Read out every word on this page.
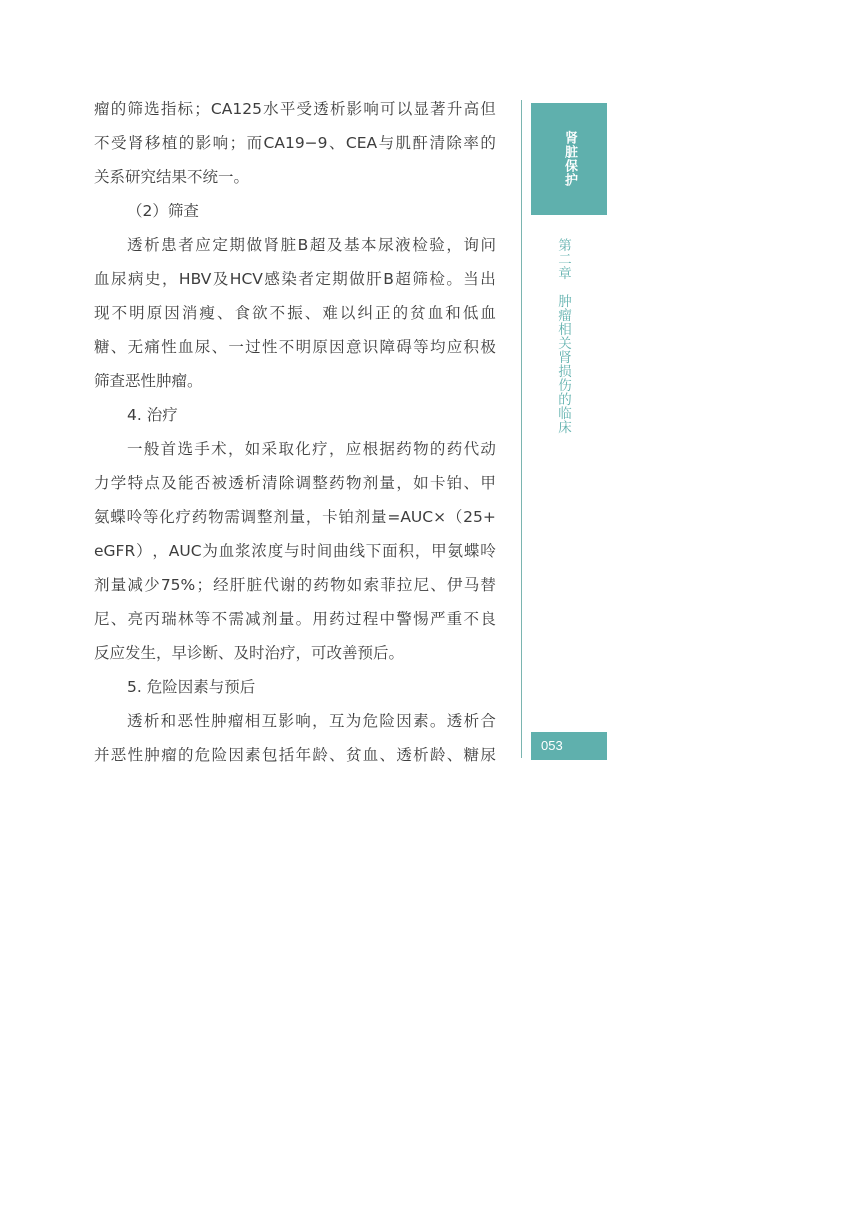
瘤 的 筛 选 指 标 ； CA125 水 平 受 透 析 影 响 可 以 显 著 升 高 但
不 受 肾 移 植 的 影 响 ； 而 CA19−9 、 CEA 与 肌 酐 清 除 率 的
关系研究结果不统一。
（2）筛查
透 析 患 者 应 定 期 做 肾 脏 B 超 及 基 本 尿 液 检 验 ， 询 问
血 尿 病 史 ， HBV 及 HCV 感 染 者 定 期 做 肝 B 超 筛 检 。 当 出
现 不 明 原 因 消 瘦 、 食 欲 不 振 、 难 以 纠 正 的 贫 血 和 低 血
糖 、 无 痛 性 血 尿 、 一 过 性 不 明 原 因 意 识 障 碍 等 均 应 积 极
筛查恶性肿瘤。
4. 治疗
一 般 首 选 手 术 ， 如 采 取 化 疗 ， 应 根 据 药 物 的 药 代 动
力 学 特 点 及 能 否 被 透 析 清 除 调 整 药 物 剂 量 ， 如 卡 铂 、 甲
氨 蝶 呤 等 化 疗 药 物 需 调 整 剂 量 ， 卡 铂 剂 量 =AUC× （ 25+
eGFR ） ， AUC 为 血 浆 浓 度 与 时 间 曲 线 下 面 积 ， 甲 氨 蝶 呤
剂 量 减 少 75% ； 经 肝 脏 代 谢 的 药 物 如 索 菲 拉 尼 、 伊 马 替
尼 、 亮 丙 瑞 林 等 不 需 减 剂 量 。 用 药 过 程 中 警 惕 严 重 不 良
反应发生，早诊断、及时治疗，可改善预后。
5. 危险因素与预后
透 析 和 恶 性 肿 瘤 相 互 影 响 ， 互 为 危 险 因 素 。 透 析 合
并 恶 性 肿 瘤 的 危 险 因 素 包 括 年 龄 、 贫 血 、 透 析 龄 、 糖 尿
肾脏保护
第二章　肿瘤相关肾损伤的临床
053
